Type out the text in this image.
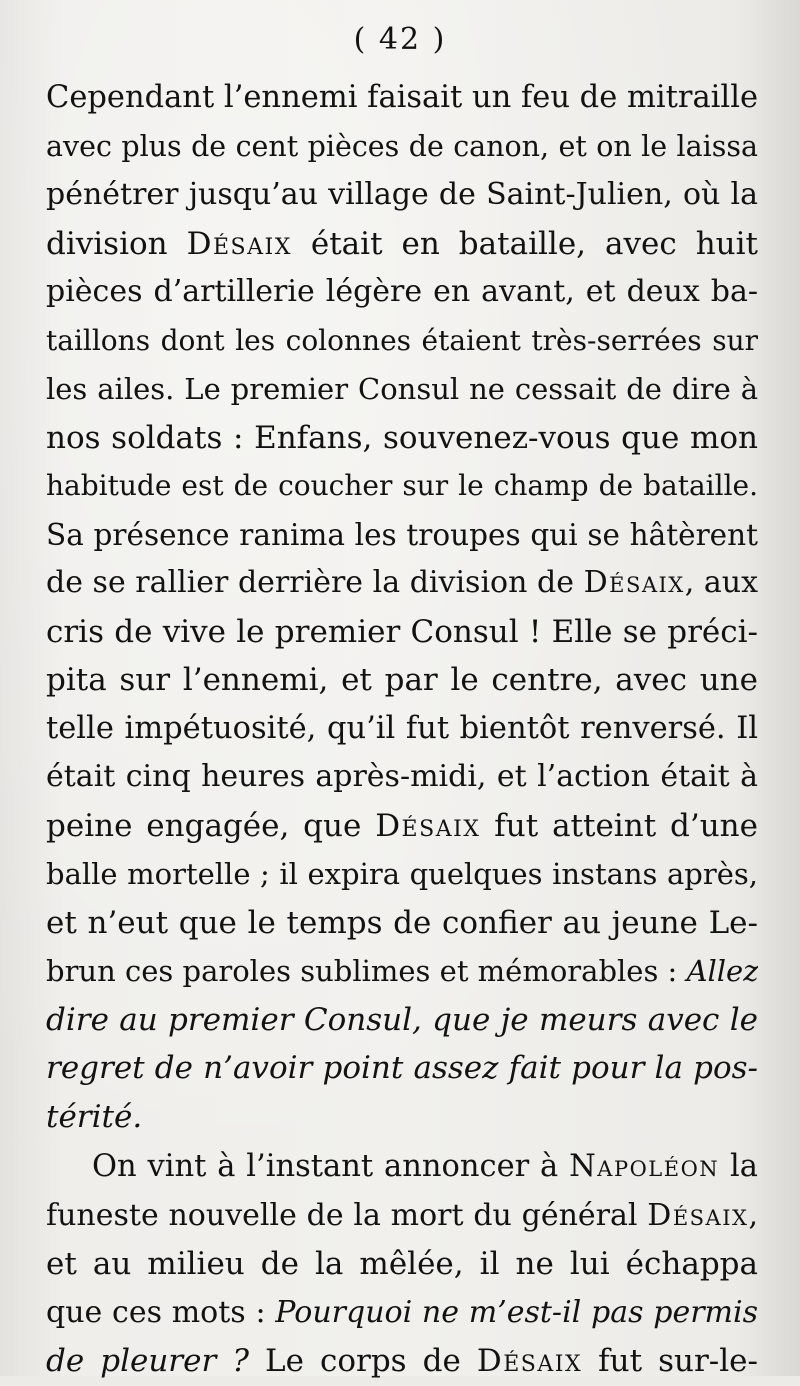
( 42 )
Cependant l’ennemi faisait un feu de mitraille
avec plus de cent pièces de canon, et on le laissa
pénétrer jusqu’au village de Saint-Julien, où la
division Désaix était en bataille, avec huit
pièces d’artillerie légère en avant, et deux ba-
taillons dont les colonnes étaient très-serrées sur
les ailes. Le premier Consul ne cessait de dire à
nos soldats : Enfans, souvenez-vous que mon
habitude est de coucher sur le champ de bataille.
Sa présence ranima les troupes qui se hâtèrent
de se rallier derrière la division de Désaix, aux
cris de vive le premier Consul ! Elle se préci-
pita sur l’ennemi, et par le centre, avec une
telle impétuosité, qu’il fut bientôt renversé. Il
était cinq heures après-midi, et l’action était à
peine engagée, que Désaix fut atteint d’une
balle mortelle ; il expira quelques instans après,
et n’eut que le temps de confier au jeune Le-
brun ces paroles sublimes et mémorables : Allez
dire au premier Consul, que je meurs avec le
regret de n’avoir point assez fait pour la pos-
térité.
On vint à l’instant annoncer à Napoléon la
funeste nouvelle de la mort du général Désaix,
et au milieu de la mêlée, il ne lui échappa
que ces mots : Pourquoi ne m’est-il pas permis
de pleurer ? Le corps de Désaix fut sur-le-
